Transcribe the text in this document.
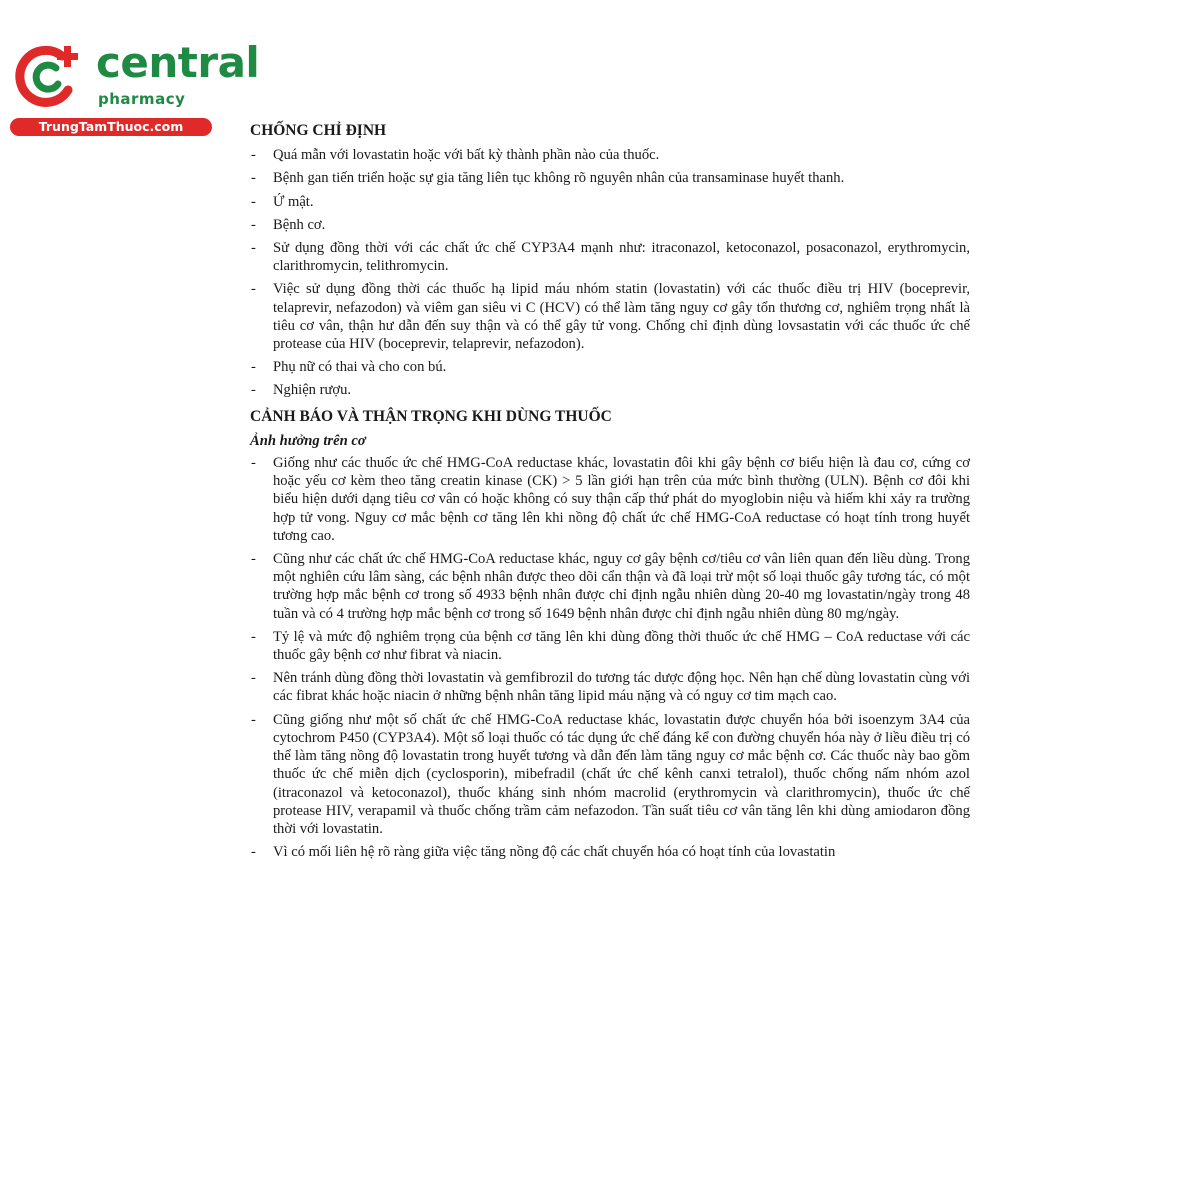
central
pharmacy
TrungTamThuoc.com	CHỐNG CHỈ ĐỊNH
- Quá mẫn với lovastatin hoặc với bất kỳ thành phần nào của thuốc.
- Bệnh gan tiến triển hoặc sự gia tăng liên tục không rõ nguyên nhân của transaminase huyết thanh.
- Ứ mật.
- Bệnh cơ.
- Sử dụng đồng thời với các chất ức chế CYP3A4 mạnh như: itraconazol, ketoconazol, posaconazol, erythromycin, clarithromycin, telithromycin.
- Việc sử dụng đồng thời các thuốc hạ lipid máu nhóm statin (lovastatin) với các thuốc điều trị HIV (boceprevir, telaprevir, nefazodon) và viêm gan siêu vi C (HCV) có thể làm tăng nguy cơ gây tổn thương cơ, nghiêm trọng nhất là tiêu cơ vân, thận hư dẫn đến suy thận và có thể gây tử vong. Chống chỉ định dùng lovsastatin với các thuốc ức chế protease của HIV (boceprevir, telaprevir, nefazodon).
- Phụ nữ có thai và cho con bú.
- Nghiện rượu.
CẢNH BÁO VÀ THẬN TRỌNG KHI DÙNG THUỐC
Ảnh hưởng trên cơ
- Giống như các thuốc ức chế HMG-CoA reductase khác, lovastatin đôi khi gây bệnh cơ biểu hiện là đau cơ, cứng cơ hoặc yếu cơ kèm theo tăng creatin kinase (CK) > 5 lần giới hạn trên của mức bình thường (ULN). Bệnh cơ đôi khi biểu hiện dưới dạng tiêu cơ vân có hoặc không có suy thận cấp thứ phát do myoglobin niệu và hiếm khi xảy ra trường hợp tử vong. Nguy cơ mắc bệnh cơ tăng lên khi nồng độ chất ức chế HMG-CoA reductase có hoạt tính trong huyết tương cao.
- Cũng như các chất ức chế HMG-CoA reductase khác, nguy cơ gây bệnh cơ/tiêu cơ vân liên quan đến liều dùng. Trong một nghiên cứu lâm sàng, các bệnh nhân được theo dõi cẩn thận và đã loại trừ một số loại thuốc gây tương tác, có một trường hợp mắc bệnh cơ trong số 4933 bệnh nhân được chỉ định ngẫu nhiên dùng 20-40 mg lovastatin/ngày trong 48 tuần và có 4 trường hợp mắc bệnh cơ trong số 1649 bệnh nhân được chỉ định ngẫu nhiên dùng 80 mg/ngày.
- Tỷ lệ và mức độ nghiêm trọng của bệnh cơ tăng lên khi dùng đồng thời thuốc ức chế HMG – CoA reductase với các thuốc gây bệnh cơ như fibrat và niacin.
- Nên tránh dùng đồng thời lovastatin và gemfibrozil do tương tác dược động học. Nên hạn chế dùng lovastatin cùng với các fibrat khác hoặc niacin ở những bệnh nhân tăng lipid máu nặng và có nguy cơ tim mạch cao.
- Cũng giống như một số chất ức chế HMG-CoA reductase khác, lovastatin được chuyển hóa bởi isoenzym 3A4 của cytochrom P450 (CYP3A4). Một số loại thuốc có tác dụng ức chế đáng kể con đường chuyển hóa này ở liều điều trị có thể làm tăng nồng độ lovastatin trong huyết tương và dẫn đến làm tăng nguy cơ mắc bệnh cơ. Các thuốc này bao gồm thuốc ức chế miễn dịch (cyclosporin), mibefradil (chất ức chế kênh canxi tetralol), thuốc chống nấm nhóm azol (itraconazol và ketoconazol), thuốc kháng sinh nhóm macrolid (erythromycin và clarithromycin), thuốc ức chế protease HIV, verapamil và thuốc chống trầm cảm nefazodon. Tần suất tiêu cơ vân tăng lên khi dùng amiodaron đồng thời với lovastatin.
- Vì có mối liên hệ rõ ràng giữa việc tăng nồng độ các chất chuyển hóa có hoạt tính của lovastatin
